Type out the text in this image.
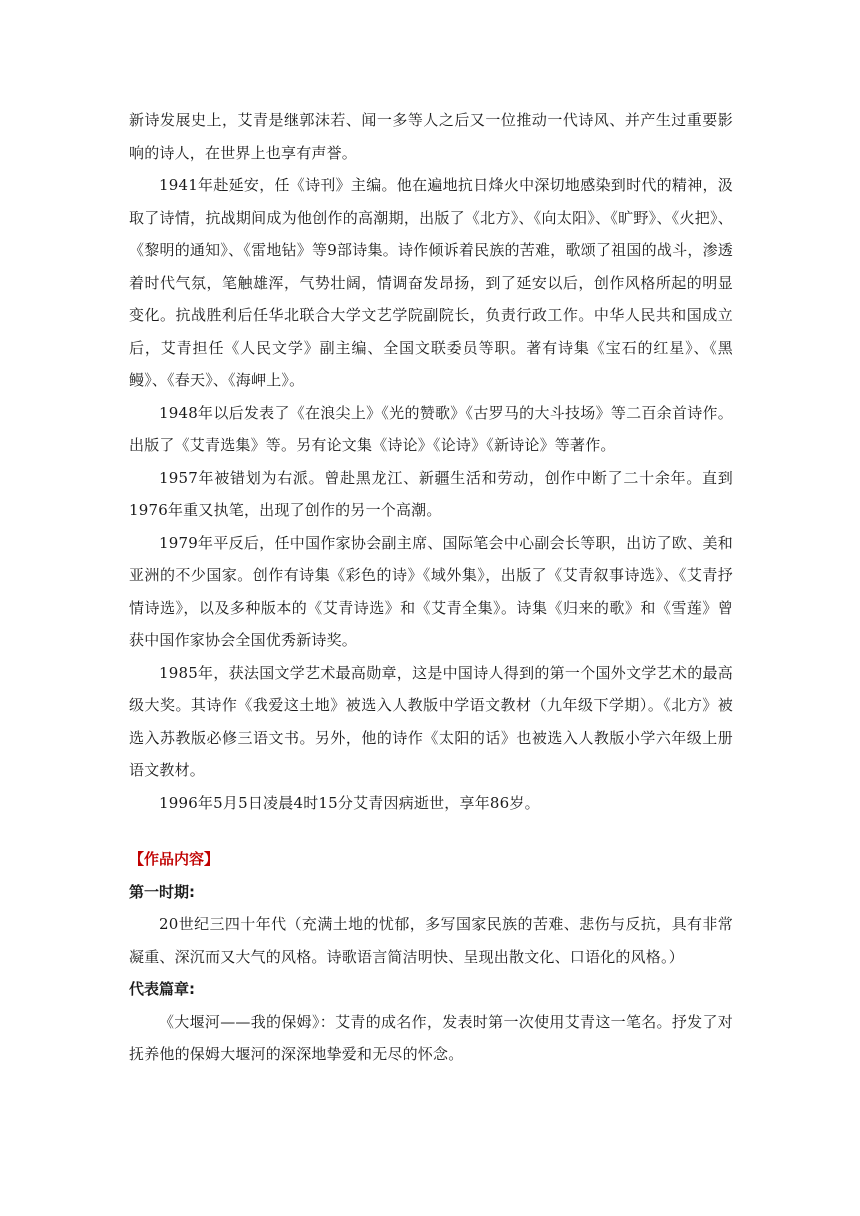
新诗发展史上，艾青是继郭沫若、闻一多等人之后又一位推动一代诗风、并产生过重要影响的诗人，在世界上也享有声誉。

1941年赴延安，任《诗刊》主编。他在遍地抗日烽火中深切地感染到时代的精神，汲取了诗情，抗战期间成为他创作的高潮期，出版了《北方》、《向太阳》、《旷野》、《火把》、《黎明的通知》、《雷地钻》等9部诗集。诗作倾诉着民族的苦难，歌颂了祖国的战斗，渗透着时代气氛，笔触雄浑，气势壮阔，情调奋发昂扬，到了延安以后，创作风格所起的明显变化。抗战胜利后任华北联合大学文艺学院副院长，负责行政工作。中华人民共和国成立后，艾青担任《人民文学》副主编、全国文联委员等职。著有诗集《宝石的红星》、《黑鳗》、《春天》、《海岬上》。

1948年以后发表了《在浪尖上》《光的赞歌》《古罗马的大斗技场》等二百余首诗作。出版了《艾青选集》等。另有论文集《诗论》《论诗》《新诗论》等著作。

1957年被错划为右派。曾赴黑龙江、新疆生活和劳动，创作中断了二十余年。直到1976年重又执笔，出现了创作的另一个高潮。

1979年平反后，任中国作家协会副主席、国际笔会中心副会长等职，出访了欧、美和亚洲的不少国家。创作有诗集《彩色的诗》《域外集》，出版了《艾青叙事诗选》、《艾青抒情诗选》，以及多种版本的《艾青诗选》和《艾青全集》。诗集《归来的歌》和《雪莲》曾获中国作家协会全国优秀新诗奖。

1985年，获法国文学艺术最高勋章，这是中国诗人得到的第一个国外文学艺术的最高级大奖。其诗作《我爱这土地》被选入人教版中学语文教材（九年级下学期）。《北方》被选入苏教版必修三语文书。另外，他的诗作《太阳的话》也被选入人教版小学六年级上册语文教材。

1996年5月5日凌晨4时15分艾青因病逝世，享年86岁。

【作品内容】

第一时期:

20世纪三四十年代（充满土地的忧郁，多写国家民族的苦难、悲伤与反抗，具有非常凝重、深沉而又大气的风格。诗歌语言简洁明快、呈现出散文化、口语化的风格。）

代表篇章:

《大堰河——我的保姆》：艾青的成名作，发表时第一次使用艾青这一笔名。抒发了对抚养他的保姆大堰河的深深地挚爱和无尽的怀念。
